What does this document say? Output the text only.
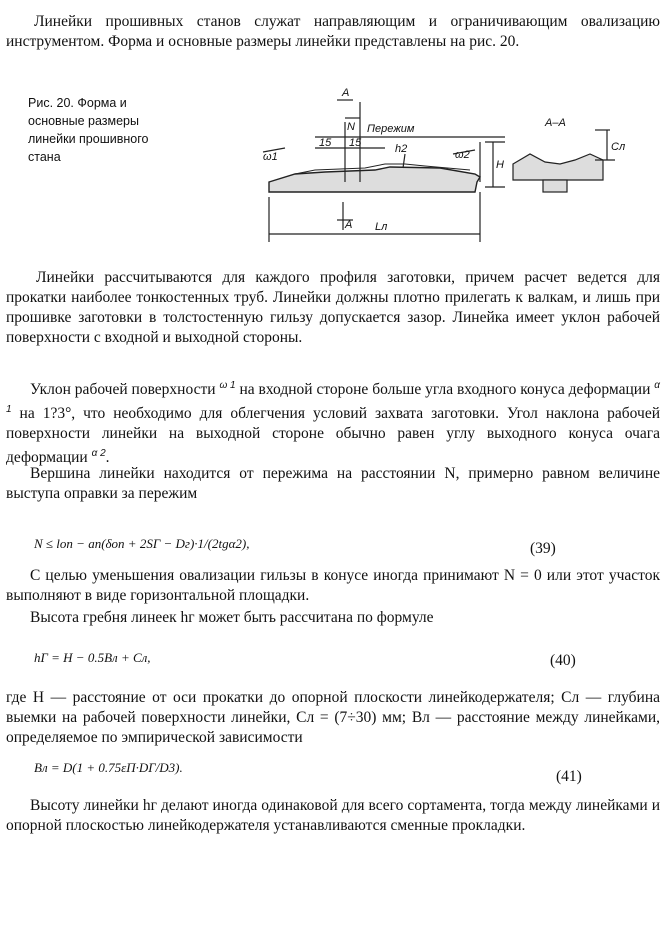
Линейки прошивных станов служат направляющим и ограничивающим овализацию инструментом. Форма и основные размеры линейки представлены на рис. 20.
Рис. 20. Форма и основные размеры линейки прошивного стана
A
N Пережим
15 15	h2
ω1	ω2
H
A Lл
А–А
Cл
Линейки рассчитываются для каждого профиля заготовки, причем расчет ведется для прокатки наиболее тонкостенных труб. Линейки должны плотно прилегать к валкам, и лишь при прошивке заготовки в толстостенную гильзу допускается зазор. Линейка имеет уклон рабочей поверхности с входной и выходной стороны.
Уклон рабочей поверхности $^{\omega 1}$ на входной стороне больше угла входного конуса деформации $^{\alpha 1}$ на 1?3°, что необходимо для облегчения условий захвата заготовки. Угол наклона рабочей поверхности линейки на выходной стороне обычно равен углу выходного конуса очага деформации $^{\alpha 2}$.
Вершина линейки находится от пережима на расстоянии N, примерно равном величине выступа оправки за пережим
N ≤ lоп − aп(δоп + 2SГ − Dг)·1/(2tgα2),	(39)
С целью уменьшения овализации гильзы в конусе иногда принимают N = 0 или этот участок выполняют в виде горизонтальной площадки.
Высота гребня линеек hг может быть рассчитана по формуле
hГ = H − 0.5Bл + Cл,	(40)
где H — расстояние от оси прокатки до опорной плоскости линейкодержателя; Сл — глубина выемки на рабочей поверхности линейки, Сл = (7÷30) мм; Вл — расстояние между линейками, определяемое по эмпирической зависимости
Bл = D(1 + 0.75εП·DГ/D3).
(41)
Высоту линейки hг делают иногда одинаковой для всего сортамента, тогда между линейками и опорной плоскостью линейкодержателя устанавливаются сменные прокладки.
